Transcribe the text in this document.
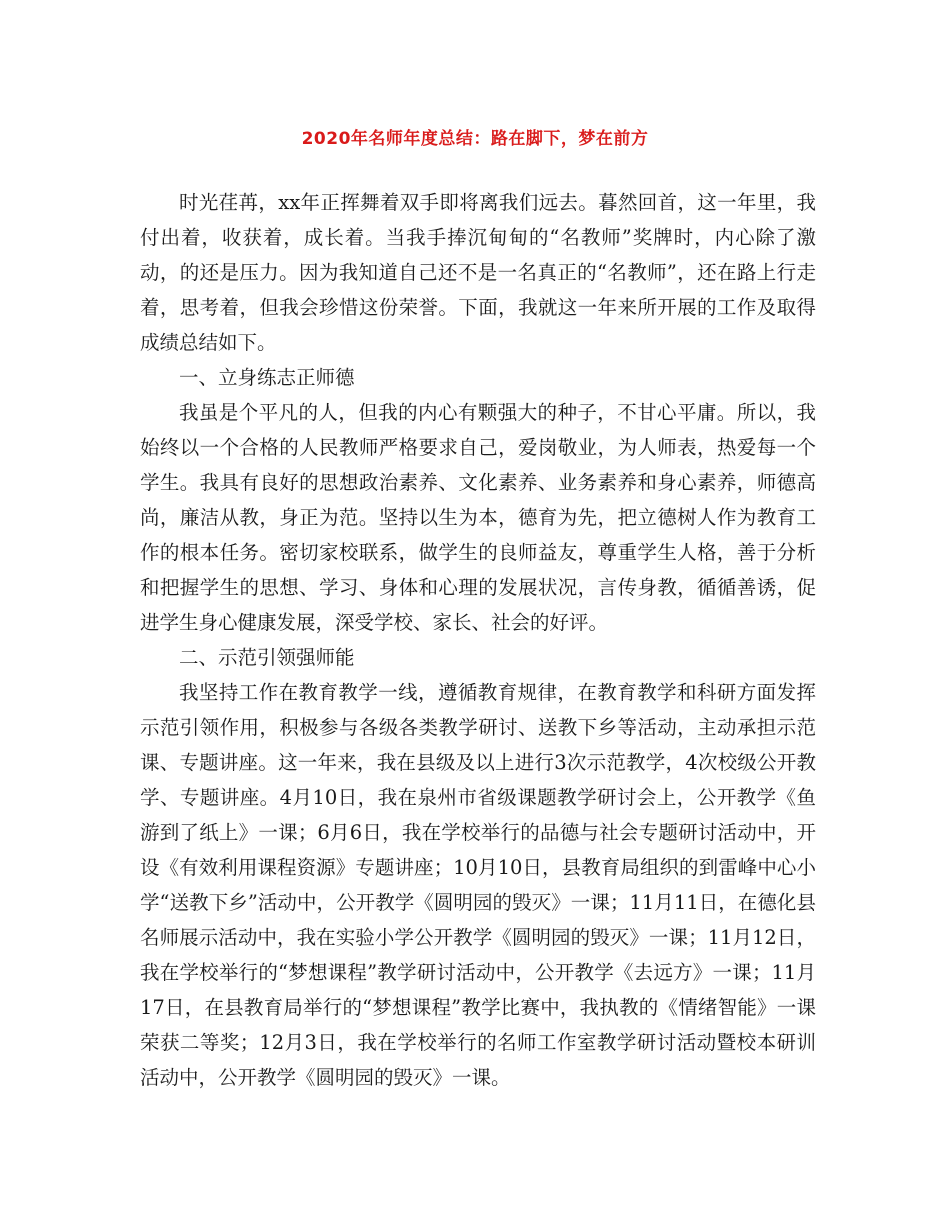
2020年名师年度总结：路在脚下，梦在前方

时光荏苒，xx年正挥舞着双手即将离我们远去。暮然回首，这一年里，我付出着，收获着，成长着。当我手捧沉甸甸的“名教师”奖牌时，内心除了激动，的还是压力。因为我知道自己还不是一名真正的“名教师”，还在路上行走着，思考着，但我会珍惜这份荣誉。下面，我就这一年来所开展的工作及取得成绩总结如下。

一、立身练志正师德

我虽是个平凡的人，但我的内心有颗强大的种子，不甘心平庸。所以，我始终以一个合格的人民教师严格要求自己，爱岗敬业，为人师表，热爱每一个学生。我具有良好的思想政治素养、文化素养、业务素养和身心素养，师德高尚，廉洁从教，身正为范。坚持以生为本，德育为先，把立德树人作为教育工作的根本任务。密切家校联系，做学生的良师益友，尊重学生人格，善于分析和把握学生的思想、学习、身体和心理的发展状况，言传身教，循循善诱，促进学生身心健康发展，深受学校、家长、社会的好评。

二、示范引领强师能

我坚持工作在教育教学一线，遵循教育规律，在教育教学和科研方面发挥示范引领作用，积极参与各级各类教学研讨、送教下乡等活动，主动承担示范课、专题讲座。这一年来，我在县级及以上进行3次示范教学，4次校级公开教学、专题讲座。4月10日，我在泉州市省级课题教学研讨会上，公开教学《鱼游到了纸上》一课；6月6日，我在学校举行的品德与社会专题研讨活动中，开设《有效利用课程资源》专题讲座；10月10日，县教育局组织的到雷峰中心小学“送教下乡”活动中，公开教学《圆明园的毁灭》一课；11月11日，在德化县名师展示活动中，我在实验小学公开教学《圆明园的毁灭》一课；11月12日，我在学校举行的“梦想课程”教学研讨活动中，公开教学《去远方》一课；11月17日，在县教育局举行的“梦想课程”教学比赛中，我执教的《情绪智能》一课荣获二等奖；12月3日，我在学校举行的名师工作室教学研讨活动暨校本研训活动中，公开教学《圆明园的毁灭》一课。
